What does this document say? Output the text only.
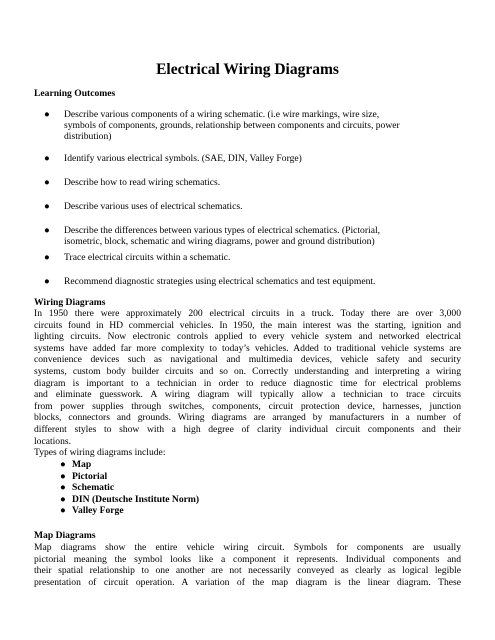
Electrical Wiring Diagrams
Learning Outcomes
● Describe various components of a wiring schematic. (i.e wire markings, wire size,
symbols of components, grounds, relationship between components and circuits, power
distribution)
● Identify various electrical symbols. (SAE, DIN, Valley Forge)
● Describe how to read wiring schematics.
● Describe various uses of electrical schematics.
● Describe the differences between various types of electrical schematics. (Pictorial,
isometric, block, schematic and wiring diagrams, power and ground distribution)
● Trace electrical circuits within a schematic.
● Recommend diagnostic strategies using electrical schematics and test equipment.
Wiring Diagrams
In 1950 there were approximately 200 electrical circuits in a truck. Today there are over 3,000
circuits found in HD commercial vehicles. In 1950, the main interest was the starting, ignition and
lighting circuits. Now electronic controls applied to every vehicle system and networked electrical
systems have added far more complexity to today’s vehicles. Added to traditional vehicle systems are
convenience devices such as navigational and multimedia devices, vehicle safety and security
systems, custom body builder circuits and so on. Correctly understanding and interpreting a wiring
diagram is important to a technician in order to reduce diagnostic time for electrical problems
and eliminate guesswork. A wiring diagram will typically allow a technician to trace circuits
from power supplies through switches, components, circuit protection device, harnesses, junction
blocks, connectors and grounds. Wiring diagrams are arranged by manufacturers in a number of
different styles to show with a high degree of clarity individual circuit components and their
locations.
Types of wiring diagrams include:
● Map
● Pictorial
● Schematic
● DIN (Deutsche Institute Norm)
● Valley Forge
Map Diagrams
Map diagrams show the entire vehicle wiring circuit. Symbols for components are usually
pictorial meaning the symbol looks like a component it represents. Individual components and
their spatial relationship to one another are not necessarily conveyed as clearly as logical legible
presentation of circuit operation. A variation of the map diagram is the linear diagram. These
